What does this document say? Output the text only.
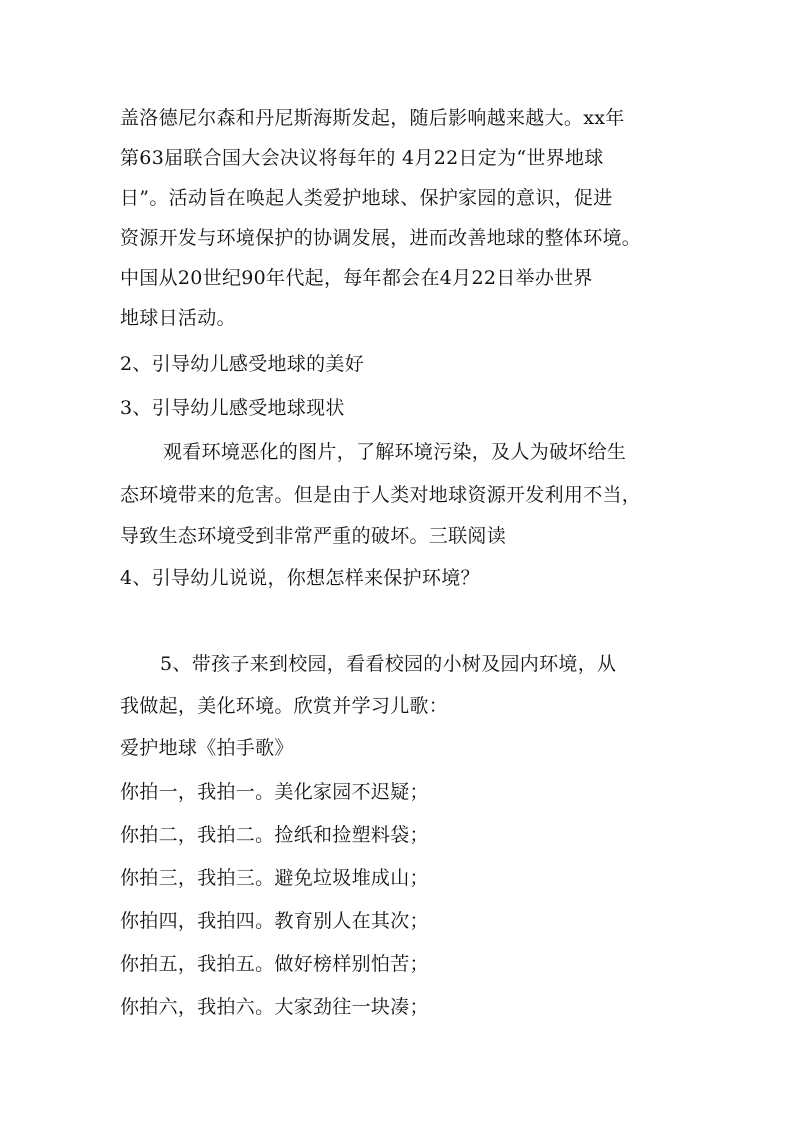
盖洛德尼尔森和丹尼斯海斯发起，随后影响越来越大。xx年
第63届联合国大会决议将每年的 4月22日定为“世界地球
日”。活动旨在唤起人类爱护地球、保护家园的意识，促进
资源开发与环境保护的协调发展，进而改善地球的整体环境。
中国从20世纪90年代起，每年都会在4月22日举办世界
地球日活动。
2、引导幼儿感受地球的美好
3、引导幼儿感受地球现状
观看环境恶化的图片，了解环境污染，及人为破坏给生
态环境带来的危害。但是由于人类对地球资源开发利用不当，
导致生态环境受到非常严重的破坏。三联阅读
4、引导幼儿说说，你想怎样来保护环境？
5、带孩子来到校园，看看校园的小树及园内环境，从
我做起，美化环境。欣赏并学习儿歌：
爱护地球《拍手歌》
你拍一，我拍一。美化家园不迟疑；
你拍二，我拍二。捡纸和捡塑料袋；
你拍三，我拍三。避免垃圾堆成山；
你拍四，我拍四。教育别人在其次；
你拍五，我拍五。做好榜样别怕苦；
你拍六，我拍六。大家劲往一块凑；
